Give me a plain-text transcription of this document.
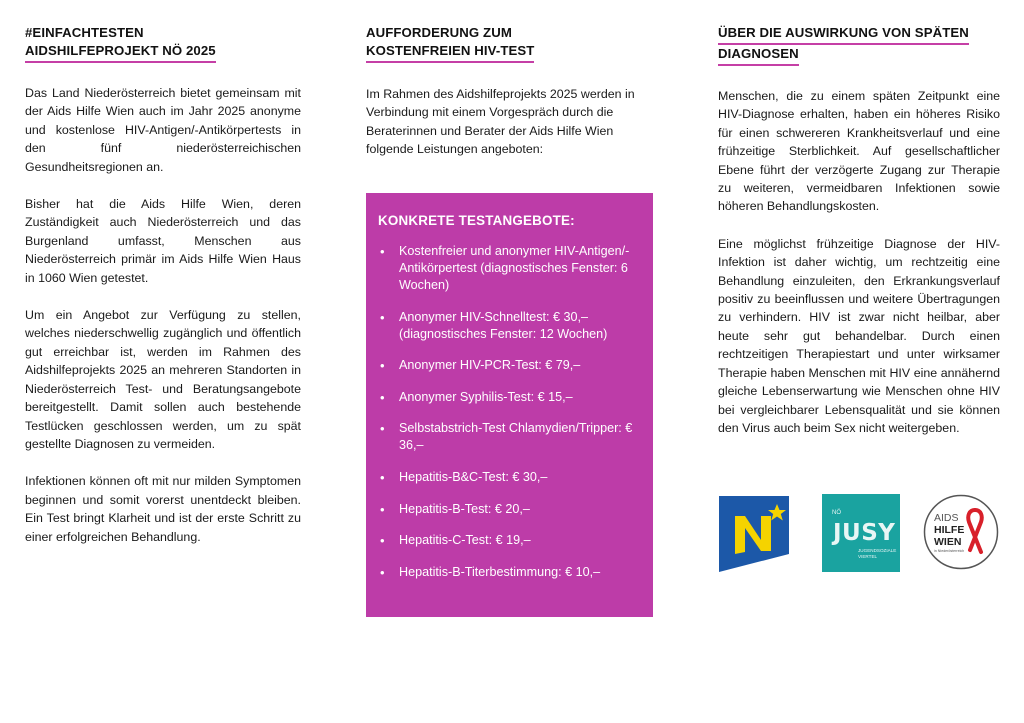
#EINFACHTESTEN
AIDSHILFEPROJEKT NÖ 2025

Das Land Niederösterreich bietet gemeinsam mit der Aids Hilfe Wien auch im Jahr 2025 anonyme und kostenlose HIV-Antigen/-Antikörpertests in den fünf niederösterreichischen Gesundheitsregionen an.

Bisher hat die Aids Hilfe Wien, deren Zuständigkeit auch Niederösterreich und das Burgenland umfasst, Menschen aus Niederösterreich primär im Aids Hilfe Wien Haus in 1060 Wien getestet.

Um ein Angebot zur Verfügung zu stellen, welches niederschwellig zugänglich und öffentlich gut erreichbar ist, werden im Rahmen des Aidshilfeprojekts 2025 an mehreren Standorten in Niederösterreich Test- und Beratungsangebote bereitgestellt. Damit sollen auch bestehende Testlücken geschlossen werden, um zu spät gestellte Diagnosen zu vermeiden.

Infektionen können oft mit nur milden Symptomen beginnen und somit vorerst unentdeckt bleiben. Ein Test bringt Klarheit und ist der erste Schritt zu einer erfolgreichen Behandlung.

AUFFORDERUNG ZUM
KOSTENFREIEN HIV-TEST

Im Rahmen des Aidshilfeprojekts 2025 werden in Verbindung mit einem Vorgespräch durch die Beraterinnen und Berater der Aids Hilfe Wien folgende Leistungen angeboten:

KONKRETE TESTANGEBOTE:
• Kostenfreier und anonymer HIV-Antigen/-Antikörpertest (diagnostisches Fenster: 6 Wochen)
• Anonymer HIV-Schnelltest: € 30,– (diagnostisches Fenster: 12 Wochen)
• Anonymer HIV-PCR-Test: € 79,–
• Anonymer Syphilis-Test: € 15,–
• Selbstabstrich-Test Chlamydien/Tripper: € 36,–
• Hepatitis-B&C-Test: € 30,–
• Hepatitis-B-Test: € 20,–
• Hepatitis-C-Test: € 19,–
• Hepatitis-B-Titerbestimmung: € 10,–
ÜBER DIE AUSWIRKUNG VON SPÄTEN
DIAGNOSEN

Menschen, die zu einem späten Zeitpunkt eine HIV-Diagnose erhalten, haben ein höheres Risiko für einen schwereren Krankheitsverlauf und eine frühzeitige Sterblichkeit. Auf gesellschaftlicher Ebene führt der verzögerte Zugang zur Therapie zu weiteren, vermeidbaren Infektionen sowie höheren Behandlungskosten.

Eine möglichst frühzeitige Diagnose der HIV-Infektion ist daher wichtig, um rechtzeitig eine Behandlung einzuleiten, den Erkrankungsverlauf positiv zu beeinflussen und weitere Übertragungen zu verhindern. HIV ist zwar nicht heilbar, aber heute sehr gut behandelbar. Durch einen rechtzeitigen Therapiestart und unter wirksamer Therapie haben Menschen mit HIV eine annähernd gleiche Lebenserwartung wie Menschen ohne HIV bei vergleichbarer Lebensqualität und sie können den Virus auch beim Sex nicht weitergeben.

NÖ
JUSY
JUGENDSOZIALE
VIERTEL
AIDS
HILFE
WIEN
in Niederösterreich
